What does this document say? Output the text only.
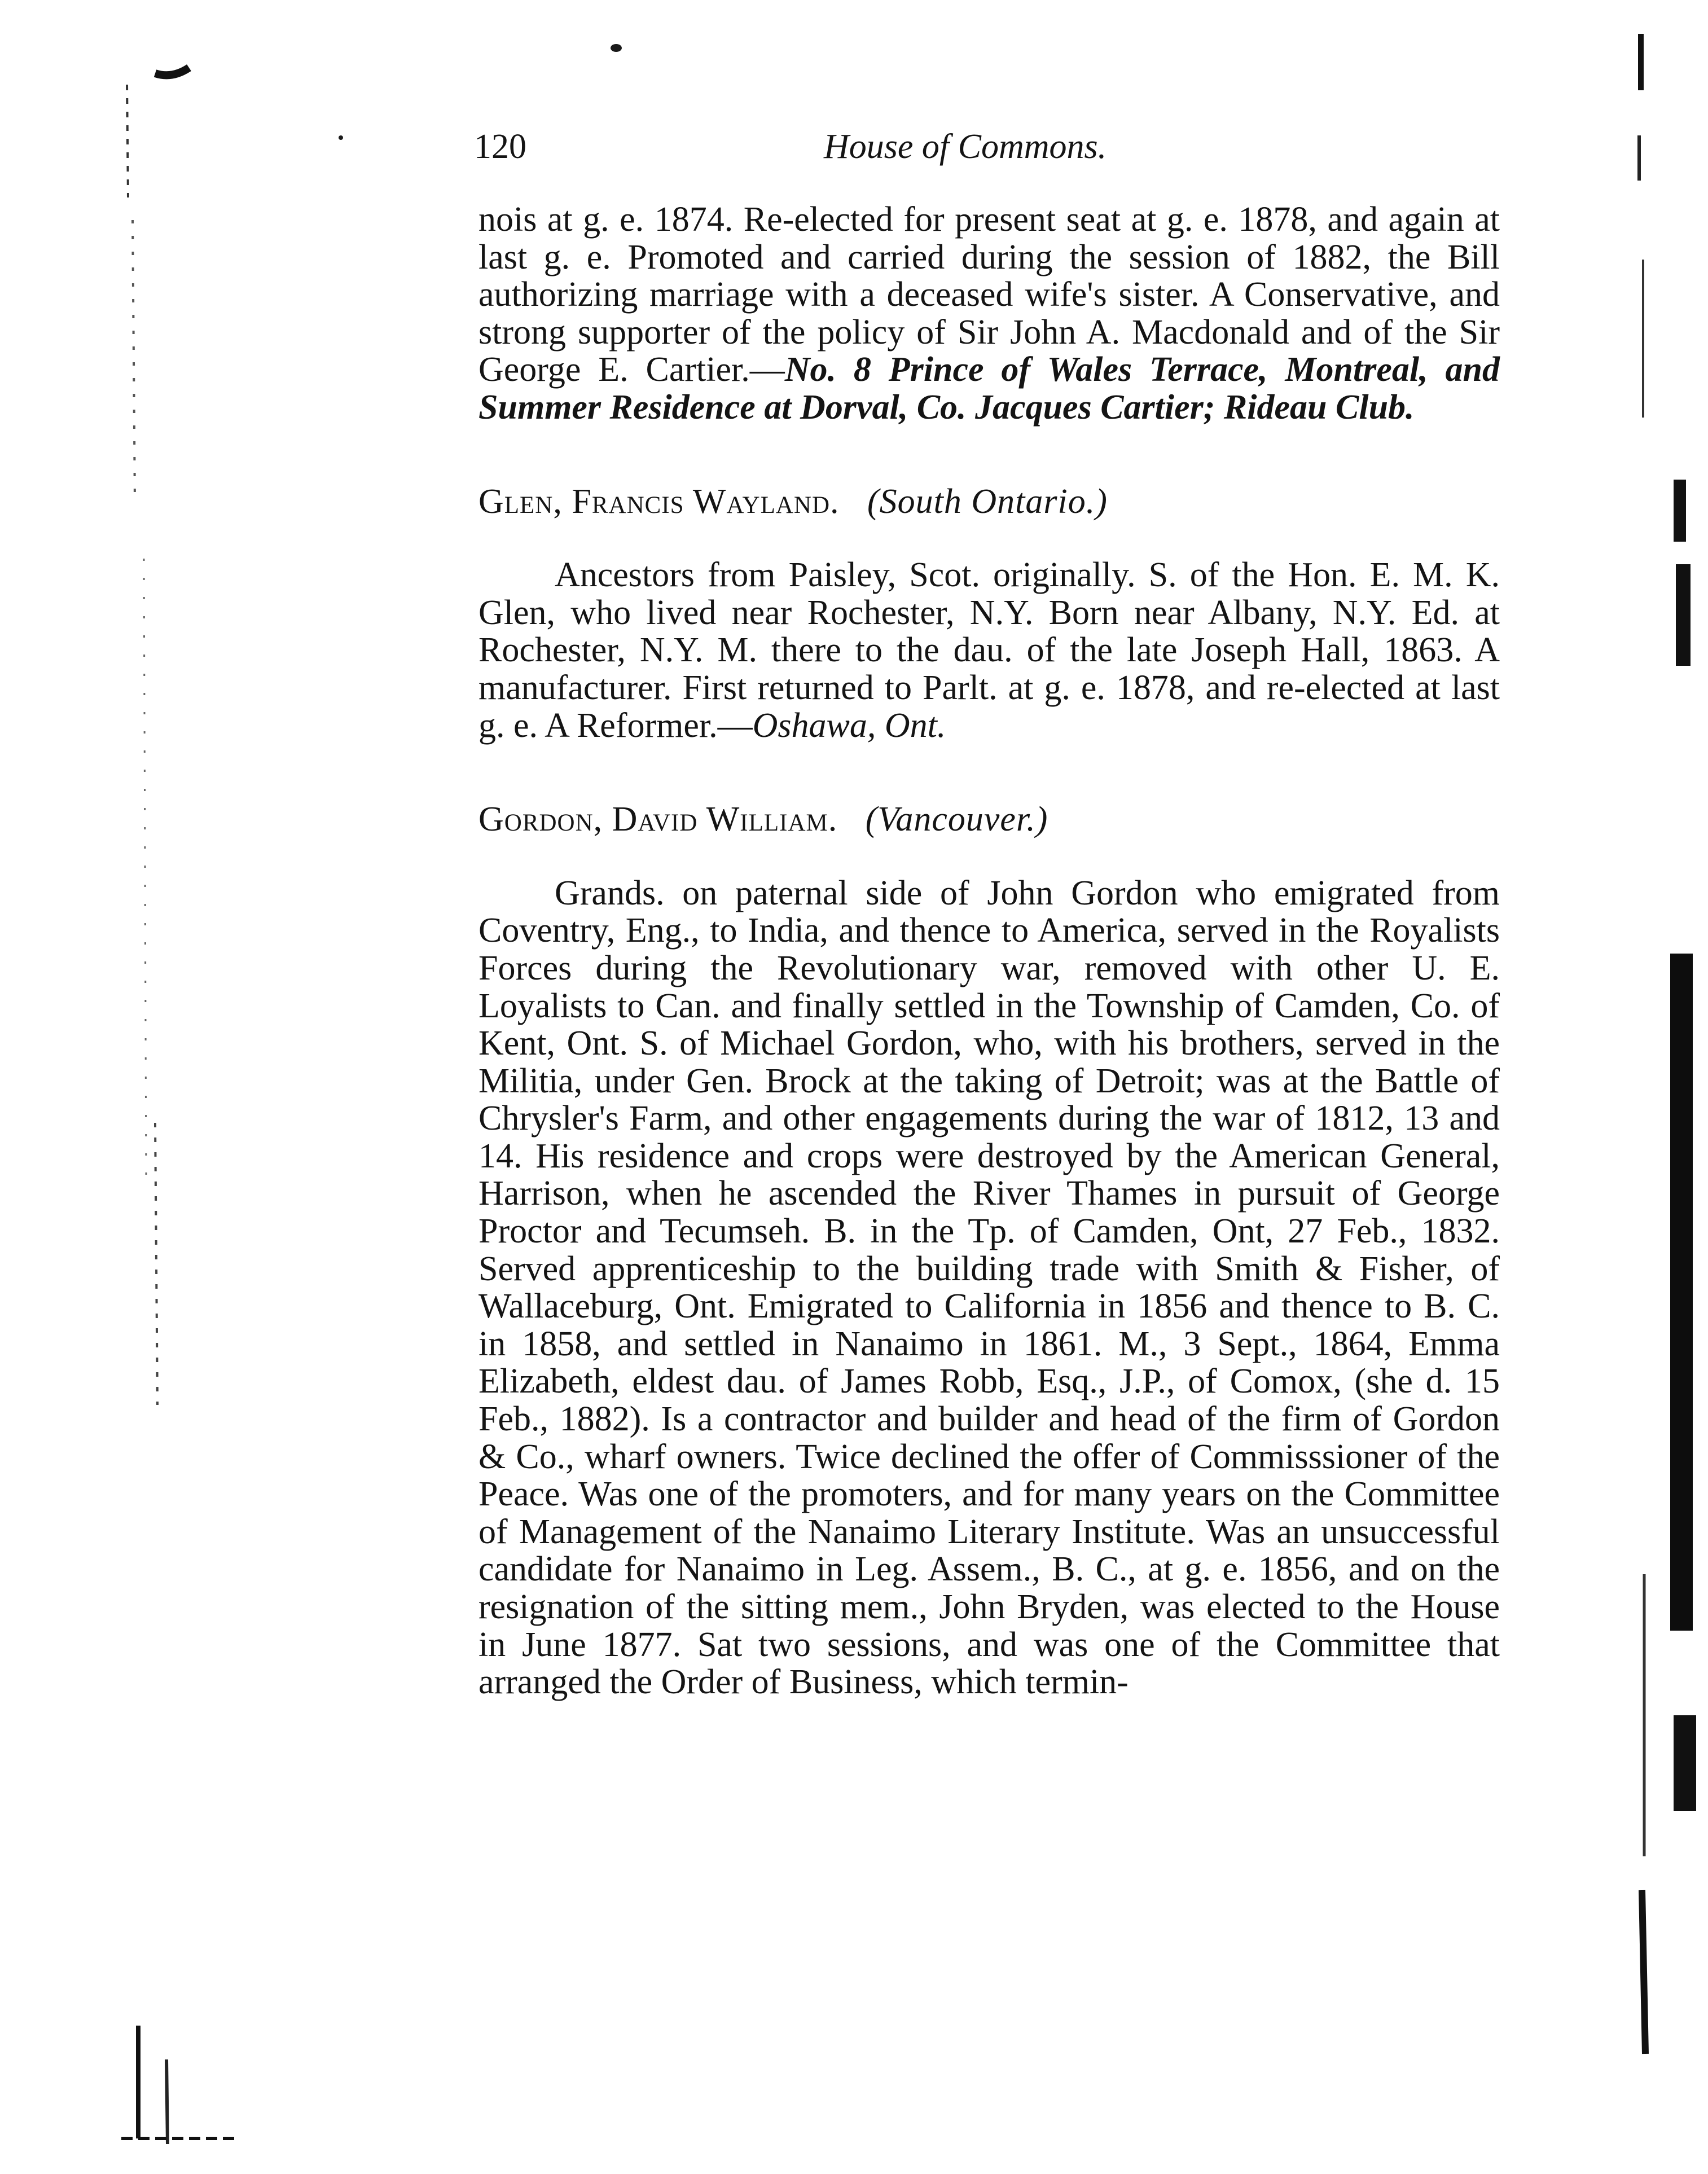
120	House of Commons.

nois at g. e. 1874. Re-elected for present seat at g. e. 1878, and again at last g. e. Promoted and carried during the session of 1882, the Bill authorizing marriage with a deceased wife's sister. A Conservative, and strong supporter of the policy of Sir John A. Macdonald and of the Sir George E. Cartier.—No. 8 Prince of Wales Terrace, Montreal, and Summer Residence at Dorval, Co. Jacques Cartier; Rideau Club.

Glen, Francis Wayland. (South Ontario.)

Ancestors from Paisley, Scot. originally. S. of the Hon. E. M. K. Glen, who lived near Rochester, N.Y. Born near Albany, N.Y. Ed. at Rochester, N.Y. M. there to the dau. of the late Joseph Hall, 1863. A manufacturer. First returned to Parlt. at g. e. 1878, and re-elected at last g. e. A Reformer.—Oshawa, Ont.

Gordon, David William. (Vancouver.)

Grands. on paternal side of John Gordon who emigrated from Coventry, Eng., to India, and thence to America, served in the Royalists Forces during the Revolutionary war, removed with other U. E. Loyalists to Can. and finally settled in the Township of Camden, Co. of Kent, Ont. S. of Michael Gordon, who, with his brothers, served in the Militia, under Gen. Brock at the taking of Detroit; was at the Battle of Chrysler's Farm, and other engagements during the war of 1812, 13 and 14. His residence and crops were destroyed by the American General, Harrison, when he ascended the River Thames in pursuit of George Proctor and Tecumseh. B. in the Tp. of Camden, Ont, 27 Feb., 1832. Served apprenticeship to the building trade with Smith & Fisher, of Wallaceburg, Ont. Emigrated to California in 1856 and thence to B. C. in 1858, and settled in Nanaimo in 1861. M., 3 Sept., 1864, Emma Elizabeth, eldest dau. of James Robb, Esq., J.P., of Comox, (she d. 15 Feb., 1882). Is a contractor and builder and head of the firm of Gordon & Co., wharf owners. Twice declined the offer of Commisssioner of the Peace. Was one of the promoters, and for many years on the Committee of Management of the Nanaimo Literary Institute. Was an unsuccessful candidate for Nanaimo in Leg. Assem., B. C., at g. e. 1856, and on the resignation of the sitting mem., John Bryden, was elected to the House in June 1877. Sat two sessions, and was one of the Committee that arranged the Order of Business, which termin-
